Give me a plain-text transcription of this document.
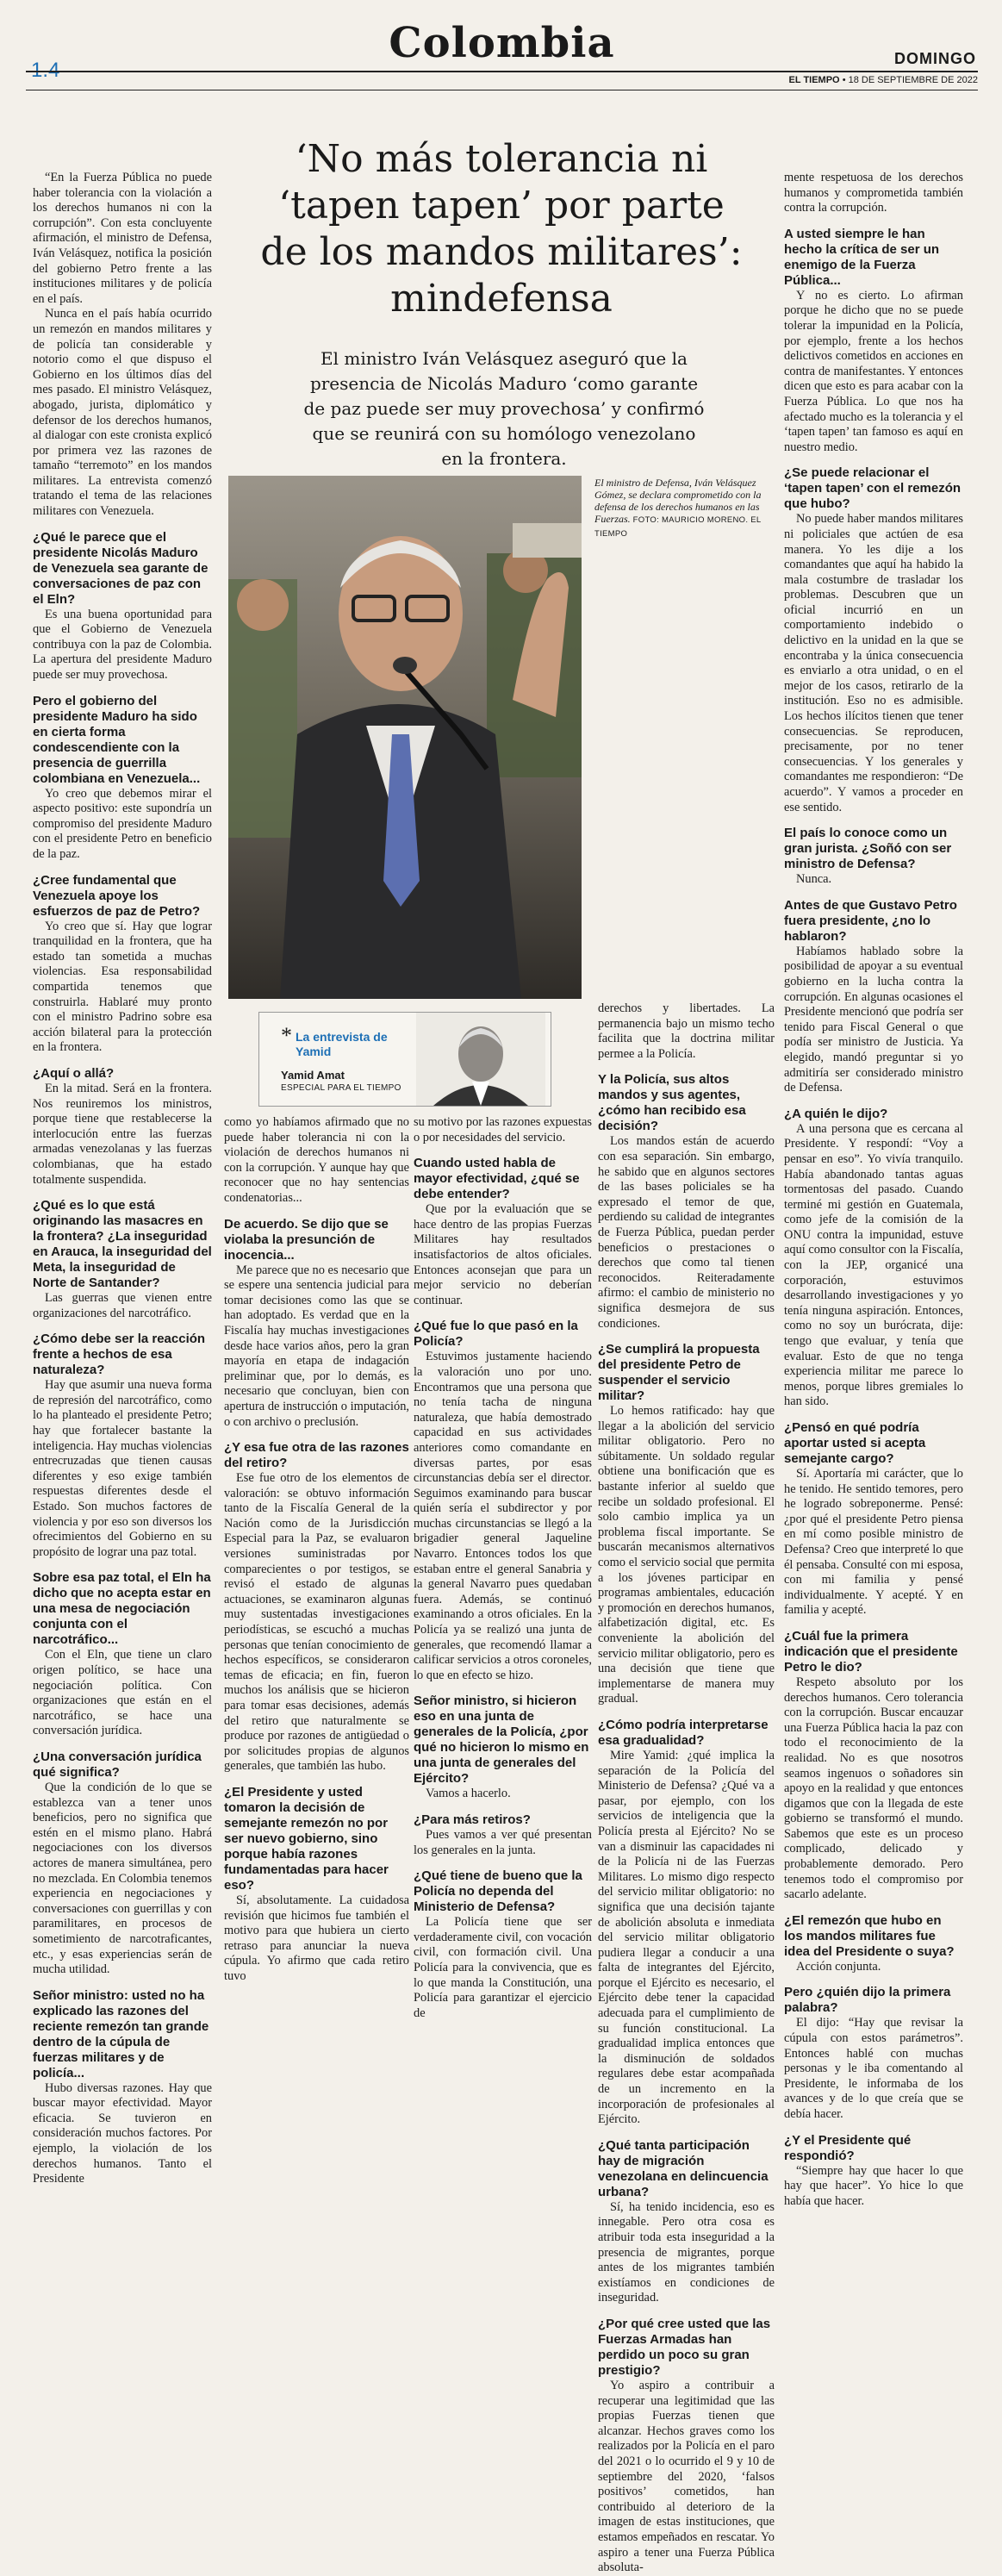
1.4
Colombia	DOMINGO
EL TIEMPO • 18 DE SEPTIEMBRE DE 2022
‘No más tolerancia ni ‘tapen tapen’ por parte de los mandos militares’: mindefensa
El ministro Iván Velásquez aseguró que la presencia de Nicolás Maduro ‘como garante de paz puede ser muy provechosa’ y confirmó que se reunirá con su homólogo venezolano en la frontera.

“En la Fuerza Pública no puede haber tolerancia con la violación a los derechos humanos ni con la corrupción”. Con esta concluyente afirmación, el ministro de Defensa, Iván Velásquez, notifica la posición del gobierno Petro frente a las instituciones militares y de policía en el país.

Nunca en el país había ocurrido un remezón en mandos militares y de policía tan considerable y notorio como el que dispuso el Gobierno en los últimos días del mes pasado. El ministro Velásquez, abogado, jurista, diplomático y defensor de los derechos humanos, al dialogar con este cronista explicó por primera vez las razones de tamaño “terremoto” en los mandos militares. La entrevista comenzó tratando el tema de las relaciones militares con Venezuela.

¿Qué le parece que el presidente Nicolás Maduro de Venezuela sea garante de conversaciones de paz con el Eln?

Es una buena oportunidad para que el Gobierno de Venezuela contribuya con la paz de Colombia. La apertura del presidente Maduro puede ser muy provechosa.

Pero el gobierno del presidente Maduro ha sido en cierta forma condescendiente con la presencia de guerrilla colombiana en Venezuela...

Yo creo que debemos mirar el aspecto positivo: este supondría un compromiso del presidente Maduro con el presidente Petro en beneficio de la paz.

¿Cree fundamental que Venezuela apoye los esfuerzos de paz de Petro?

Yo creo que sí. Hay que lograr tranquilidad en la frontera, que ha estado tan sometida a muchas violencias. Esa responsabilidad compartida tenemos que construirla. Hablaré muy pronto con el ministro Padrino sobre esa acción bilateral para la protección en la frontera.

¿Aquí o allá?

En la mitad. Será en la frontera. Nos reuniremos los ministros, porque tiene que restablecerse la interlocución entre las fuerzas armadas venezolanas y las fuerzas colombianas, que ha estado totalmente suspendida.

¿Qué es lo que está originando las masacres en la frontera? ¿La inseguridad en Arauca, la inseguridad del Meta, la inseguridad de Norte de Santander?

Las guerras que vienen entre organizaciones del narcotráfico.

¿Cómo debe ser la reacción frente a hechos de esa naturaleza?

Hay que asumir una nueva forma de represión del narcotráfico, como lo ha planteado el presidente Petro; hay que fortalecer bastante la inteligencia. Hay muchas violencias entrecruzadas que tienen causas diferentes y eso exige también respuestas diferentes desde el Estado. Son muchos factores de violencia y por eso son diversos los ofrecimientos del Gobierno en su propósito de lograr una paz total.

Sobre esa paz total, el Eln ha dicho que no acepta estar en una mesa de negociación conjunta con el narcotráfico...

Con el Eln, que tiene un claro origen político, se hace una negociación política. Con organizaciones que están en el narcotráfico, se hace una conversación jurídica.

¿Una conversación jurídica qué significa?

Que la condición de lo que se establezca van a tener unos beneficios, pero no significa que estén en el mismo plano. Habrá negociaciones con los diversos actores de manera simultánea, pero no mezclada. En Colombia tenemos experiencia en negociaciones y conversaciones con guerrillas y con paramilitares, en procesos de sometimiento de narcotraficantes, etc., y esas experiencias serán de mucha utilidad.

Señor ministro: usted no ha explicado las razones del reciente remezón tan grande dentro de la cúpula de fuerzas militares y de policía...

Hubo diversas razones. Hay que buscar mayor efectividad. Mayor eficacia. Se tuvieron en consideración muchos factores. Por ejemplo, la violación de los derechos humanos. Tanto el Presidente

El ministro de Defensa, Iván Velásquez Gómez, se declara comprometido con la defensa de los derechos humanos en las Fuerzas. FOTO: MAURICIO MORENO. EL TIEMPO
* La entrevista de Yamid
Yamid Amat
ESPECIAL PARA EL TIEMPO

como yo habíamos afirmado que no puede haber tolerancia ni con la violación de derechos humanos ni con la corrupción. Y aunque hay que reconocer que no hay sentencias condenatorias...

De acuerdo. Se dijo que se violaba la presunción de inocencia...

Me parece que no es necesario que se espere una sentencia judicial para tomar decisiones como las que se han adoptado. Es verdad que en la Fiscalía hay muchas investigaciones desde hace varios años, pero la gran mayoría en etapa de indagación preliminar que, por lo demás, es necesario que concluyan, bien con apertura de instrucción o imputación, o con archivo o preclusión.

¿Y esa fue otra de las razones del retiro?

Ese fue otro de los elementos de valoración: se obtuvo información tanto de la Fiscalía General de la Nación como de la Jurisdicción Especial para la Paz, se evaluaron versiones suministradas por comparecientes o por testigos, se revisó el estado de algunas actuaciones, se examinaron algunas muy sustentadas investigaciones periodísticas, se escuchó a muchas personas que tenían conocimiento de hechos específicos, se consideraron temas de eficacia; en fin, fueron muchos los análisis que se hicieron para tomar esas decisiones, además del retiro que naturalmente se produce por razones de antigüedad o por solicitudes propias de algunos generales, que también las hubo.

¿El Presidente y usted tomaron la decisión de semejante remezón no por ser nuevo gobierno, sino porque había razones fundamentadas para hacer eso?

Sí, absolutamente. La cuidadosa revisión que hicimos fue también el motivo para que hubiera un cierto retraso para anunciar la nueva cúpula. Yo afirmo que cada retiro tuvo

su motivo por las razones expuestas o por necesidades del servicio.

Cuando usted habla de mayor efectividad, ¿qué se debe entender?

Que por la evaluación que se hace dentro de las propias Fuerzas Militares hay resultados insatisfactorios de altos oficiales. Entonces aconsejan que para un mejor servicio no deberían continuar.

¿Qué fue lo que pasó en la Policía?

Estuvimos justamente haciendo la valoración uno por uno. Encontramos que una persona que no tenía tacha de ninguna naturaleza, que había demostrado capacidad en sus actividades anteriores como comandante en diversas partes, por esas circunstancias debía ser el director. Seguimos examinando para buscar quién sería el subdirector y por muchas circunstancias se llegó a la brigadier general Jaqueline Navarro. Entonces todos los que estaban entre el general Sanabria y la general Navarro pues quedaban fuera. Además, se continuó examinando a otros oficiales. En la Policía ya se realizó una junta de generales, que recomendó llamar a calificar servicios a otros coroneles, lo que en efecto se hizo.

Señor ministro, si hicieron eso en una junta de generales de la Policía, ¿por qué no hicieron lo mismo en una junta de generales del Ejército?

Vamos a hacerlo.

¿Para más retiros?

Pues vamos a ver qué presentan los generales en la junta.

¿Qué tiene de bueno que la Policía no dependa del Ministerio de Defensa?

La Policía tiene que ser verdaderamente civil, con vocación civil, con formación civil. Una Policía para la convivencia, que es lo que manda la Constitución, una Policía para garantizar el ejercicio de

derechos y libertades. La permanencia bajo un mismo techo facilita que la doctrina militar permee a la Policía.

Y la Policía, sus altos mandos y sus agentes, ¿cómo han recibido esa decisión?

Los mandos están de acuerdo con esa separación. Sin embargo, he sabido que en algunos sectores de las bases policiales se ha expresado el temor de que, perdiendo su calidad de integrantes de Fuerza Pública, puedan perder beneficios o prestaciones o derechos que como tal tienen reconocidos. Reiteradamente afirmo: el cambio de ministerio no significa desmejora de sus condiciones.

¿Se cumplirá la propuesta del presidente Petro de suspender el servicio militar?

Lo hemos ratificado: hay que llegar a la abolición del servicio militar obligatorio. Pero no súbitamente. Un soldado regular obtiene una bonificación que es bastante inferior al sueldo que recibe un soldado profesional. El solo cambio implica ya un problema fiscal importante. Se buscarán mecanismos alternativos como el servicio social que permita a los jóvenes participar en programas ambientales, educación y promoción en derechos humanos, alfabetización digital, etc. Es conveniente la abolición del servicio militar obligatorio, pero es una decisión que tiene que implementarse de manera muy gradual.

¿Cómo podría interpretarse esa gradualidad?

Mire Yamid: ¿qué implica la separación de la Policía del Ministerio de Defensa? ¿Qué va a pasar, por ejemplo, con los servicios de inteligencia que la Policía presta al Ejército? No se van a disminuir las capacidades ni de la Policía ni de las Fuerzas Militares. Lo mismo digo respecto del servicio militar obligatorio: no significa que una decisión tajante de abolición absoluta e inmediata del servicio militar obligatorio pudiera llegar a conducir a una falta de integrantes del Ejército, porque el Ejército es necesario, el Ejército debe tener la capacidad adecuada para el cumplimiento de su función constitucional. La gradualidad implica entonces que la disminución de soldados regulares debe estar acompañada de un incremento en la incorporación de profesionales al Ejército.

¿Qué tanta participación hay de migración venezolana en delincuencia urbana?

Sí, ha tenido incidencia, eso es innegable. Pero otra cosa es atribuir toda esta inseguridad a la presencia de migrantes, porque antes de los migrantes también existíamos en condiciones de inseguridad.

¿Por qué cree usted que las Fuerzas Armadas han perdido un poco su gran prestigio?

Yo aspiro a contribuir a recuperar una legitimidad que las propias Fuerzas tienen que alcanzar. Hechos graves como los realizados por la Policía en el paro del 2021 o lo ocurrido el 9 y 10 de septiembre del 2020, ‘falsos positivos’ cometidos, han contribuido al deterioro de la imagen de estas instituciones, que estamos empeñados en rescatar. Yo aspiro a tener una Fuerza Pública absoluta-

mente respetuosa de los derechos humanos y comprometida también contra la corrupción.

A usted siempre le han hecho la crítica de ser un enemigo de la Fuerza Pública...

Y no es cierto. Lo afirman porque he dicho que no se puede tolerar la impunidad en la Policía, por ejemplo, frente a los hechos delictivos cometidos en acciones en contra de manifestantes. Y entonces dicen que esto es para acabar con la Fuerza Pública. Lo que nos ha afectado mucho es la tolerancia y el ‘tapen tapen’ tan famoso es aquí en nuestro medio.

¿Se puede relacionar el ‘tapen tapen’ con el remezón que hubo?

No puede haber mandos militares ni policiales que actúen de esa manera. Yo les dije a los comandantes que aquí ha habido la mala costumbre de trasladar los problemas. Descubren que un oficial incurrió en un comportamiento indebido o delictivo en la unidad en la que se encontraba y la única consecuencia es enviarlo a otra unidad, o en el mejor de los casos, retirarlo de la institución. Eso no es admisible. Los hechos ilícitos tienen que tener consecuencias. Se reproducen, precisamente, por no tener consecuencias. Y los generales y comandantes me respondieron: “De acuerdo”. Y vamos a proceder en ese sentido.

El país lo conoce como un gran jurista. ¿Soñó con ser ministro de Defensa?

Nunca.

Antes de que Gustavo Petro fuera presidente, ¿no lo hablaron?

Habíamos hablado sobre la posibilidad de apoyar a su eventual gobierno en la lucha contra la corrupción. En algunas ocasiones el Presidente mencionó que podría ser tenido para Fiscal General o que podía ser ministro de Justicia. Ya elegido, mandó preguntar si yo admitiría ser considerado ministro de Defensa.

¿A quién le dijo?

A una persona que es cercana al Presidente. Y respondí: “Voy a pensar en eso”. Yo vivía tranquilo. Había abandonado tantas aguas tormentosas del pasado. Cuando terminé mi gestión en Guatemala, como jefe de la comisión de la ONU contra la impunidad, estuve aquí como consultor con la Fiscalía, con la JEP, organicé una corporación, estuvimos desarrollando investigaciones y yo tenía ninguna aspiración. Entonces, como no soy un burócrata, dije: tengo que evaluar, y tenía que evaluar. Esto de que no tenga experiencia militar me parece lo menos, porque libres gremiales lo han sido.

¿Pensó en qué podría aportar usted si acepta semejante cargo?

Sí. Aportaría mi carácter, que lo he tenido. He sentido temores, pero he logrado sobreponerme. Pensé: ¿por qué el presidente Petro piensa en mí como posible ministro de Defensa? Creo que interpreté lo que él pensaba. Consulté con mi esposa, con mi familia y pensé individualmente. Y acepté. Y en familia y acepté.

¿Cuál fue la primera indicación que el presidente Petro le dio?

Respeto absoluto por los derechos humanos. Cero tolerancia con la corrupción. Buscar encauzar una Fuerza Pública hacia la paz con todo el reconocimiento de la realidad. No es que nosotros seamos ingenuos o soñadores sin apoyo en la realidad y que entonces digamos que con la llegada de este gobierno se transformó el mundo. Sabemos que este es un proceso complicado, delicado y probablemente demorado. Pero tenemos todo el compromiso por sacarlo adelante.

¿El remezón que hubo en los mandos militares fue idea del Presidente o suya?

Acción conjunta.

Pero ¿quién dijo la primera palabra?

El dijo: “Hay que revisar la cúpula con estos parámetros”. Entonces hablé con muchas personas y le iba comentando al Presidente, le informaba de los avances y de lo que creía que se debía hacer.

¿Y el Presidente qué respondió?

“Siempre hay que hacer lo que hay que hacer”. Yo hice lo que había que hacer.
